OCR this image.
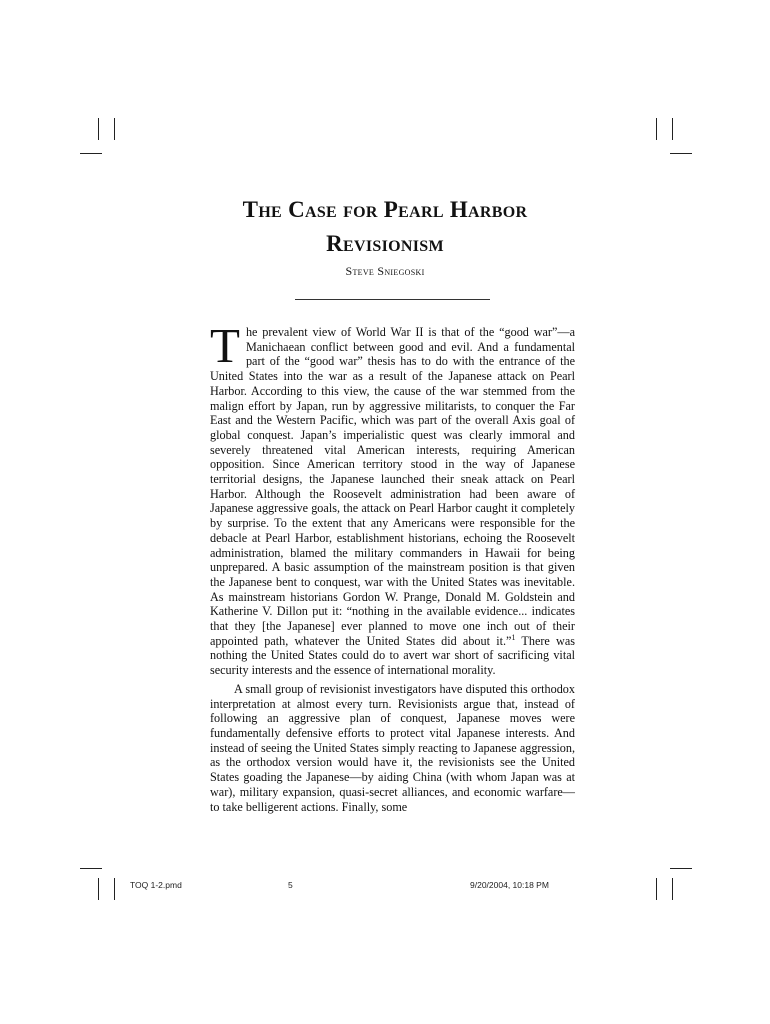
The Case for Pearl Harbor
Revisionism
Steve Sniegoski

The prevalent view of World War II is that of the “good war”—a Manichaean conflict between good and evil. And a fundamental part of the “good war” thesis has to do with the entrance of the United States into the war as a result of the Japanese attack on Pearl Harbor. According to this view, the cause of the war stemmed from the malign effort by Japan, run by aggressive militarists, to conquer the Far East and the Western Pacific, which was part of the overall Axis goal of global conquest. Japan’s imperialistic quest was clearly immoral and severely threatened vital American interests, requiring American opposition. Since American territory stood in the way of Japanese territorial designs, the Japanese launched their sneak attack on Pearl Harbor. Although the Roosevelt administration had been aware of Japanese aggressive goals, the attack on Pearl Harbor caught it completely by surprise. To the extent that any Americans were responsible for the debacle at Pearl Harbor, establishment historians, echoing the Roosevelt administration, blamed the military commanders in Hawaii for being unprepared. A basic assumption of the mainstream position is that given the Japanese bent to conquest, war with the United States was inevitable. As mainstream historians Gordon W. Prange, Donald M. Goldstein and Katherine V. Dillon put it: “nothing in the available evidence... indicates that they [the Japanese] ever planned to move one inch out of their appointed path, whatever the United States did about it.”$^1$ There was nothing the United States could do to avert war short of sacrificing vital security interests and the essence of international morality.

A small group of revisionist investigators have disputed this orthodox interpretation at almost every turn. Revisionists argue that, instead of following an aggressive plan of conquest, Japanese moves were fundamentally defensive efforts to protect vital Japanese interests. And instead of seeing the United States simply reacting to Japanese aggression, as the orthodox version would have it, the revisionists see the United States goading the Japanese—by aiding China (with whom Japan was at war), military expansion, quasi-secret alliances, and economic warfare—to take belligerent actions. Finally, some

TOQ 1-2.pmd	5	9/20/2004, 10:18 PM
